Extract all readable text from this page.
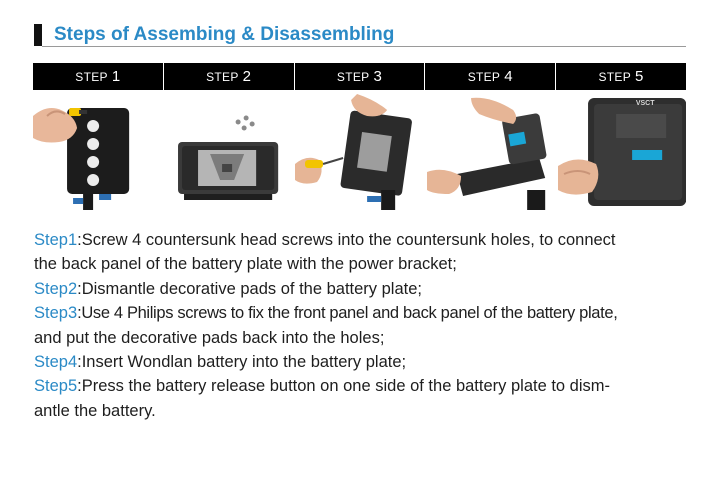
Steps of Assembing & Disassembling
STEP 1	STEP 2	STEP 3	STEP 4	STEP 5
VSCT

Step1:Screw 4 countersunk head screws into the countersunk holes, to connect

the back panel of the battery plate with the power bracket;

Step2:Dismantle decorative pads of the battery plate;

Step3:Use 4 Philips screws to fix the front panel and back panel of the battery plate,

and put the decorative pads back into the holes;

Step4:Insert Wondlan battery into the battery plate;

Step5:Press the battery release button on one side of the battery plate to dism-

antle the battery.
